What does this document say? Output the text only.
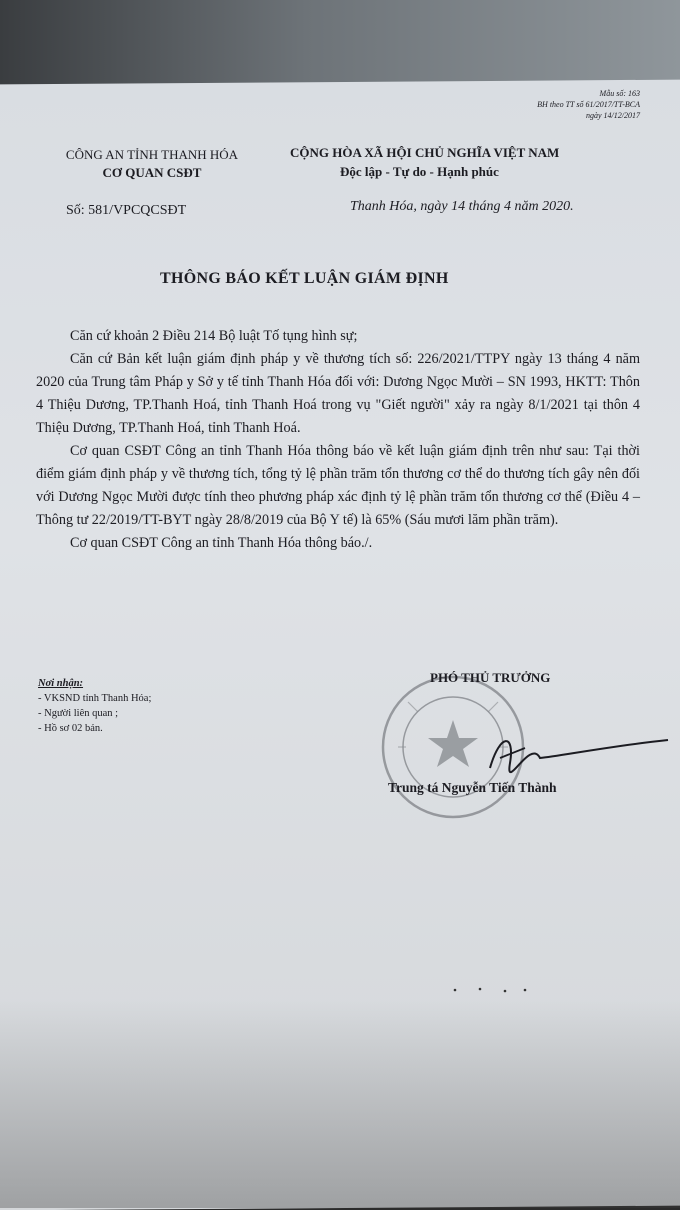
Mẫu số: 163
BH theo TT số 61/2017/TT-BCA
ngày 14/12/2017
CÔNG AN TỈNH THANH HÓA
CƠ QUAN CSĐT
CỘNG HÒA XÃ HỘI CHỦ NGHĨA VIỆT NAM
Độc lập - Tự do - Hạnh phúc
Số: 581/VPCQCSĐT	Thanh Hóa, ngày 14 tháng 4 năm 2020.
THÔNG BÁO KẾT LUẬN GIÁM ĐỊNH

Căn cứ khoản 2 Điều 214 Bộ luật Tố tụng hình sự;

Căn cứ Bản kết luận giám định pháp y về thương tích số: 226/2021/TTPY ngày 13 tháng 4 năm 2020 của Trung tâm Pháp y Sở y tế tỉnh Thanh Hóa đối với: Dương Ngọc Mười – SN 1993, HKTT: Thôn 4 Thiệu Dương, TP.Thanh Hoá, tỉnh Thanh Hoá trong vụ "Giết người" xảy ra ngày 8/1/2021 tại thôn 4 Thiệu Dương, TP.Thanh Hoá, tỉnh Thanh Hoá.

Cơ quan CSĐT Công an tỉnh Thanh Hóa thông báo về kết luận giám định trên như sau: Tại thời điểm giám định pháp y về thương tích, tổng tỷ lệ phần trăm tổn thương cơ thể do thương tích gây nên đối với Dương Ngọc Mười được tính theo phương pháp xác định tỷ lệ phần trăm tổn thương cơ thể (Điều 4 – Thông tư 22/2019/TT-BYT ngày 28/8/2019 của Bộ Y tế) là 65% (Sáu mươi lăm phần trăm).

Cơ quan CSĐT Công an tỉnh Thanh Hóa thông báo./.

Nơi nhận:
- VKSND tỉnh Thanh Hóa;
- Người liên quan ;
- Hồ sơ 02 bản.
PHÓ THỦ TRƯỞNG
Trung tá Nguyễn Tiến Thành
